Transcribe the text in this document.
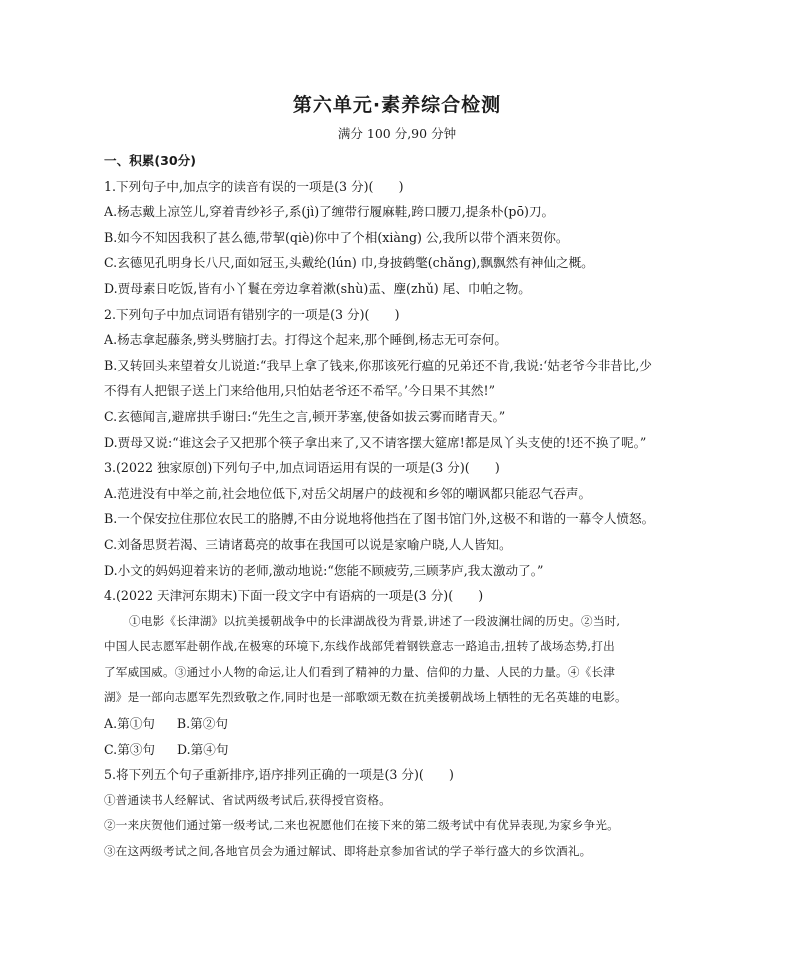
第六单元·素养综合检测
满分 100 分,90 分钟
一、积累(30分)
1.下列句子中,加点字的读音有误的一项是(3 分)(　　)
A.杨志戴上凉笠儿,穿着青纱衫子,系(jì)了缠带行履麻鞋,跨口腰刀,提条朴(pō)刀。
B.如今不知因我积了甚么德,带挈(qiè)你中了个相(xiàng) 公,我所以带个酒来贺你。
C.玄德见孔明身长八尺,面如冠玉,头戴纶(lún) 巾,身披鹤氅(chǎng),飘飘然有神仙之概。
D.贾母素日吃饭,皆有小丫鬟在旁边拿着漱(shù)盂、麈(zhǔ) 尾、巾帕之物。
2.下列句子中加点词语有错别字的一项是(3 分)(　　)
A.杨志拿起藤条,劈头劈脑打去。打得这个起来,那个睡倒,杨志无可奈何。
B.又转回头来望着女儿说道:“我早上拿了钱来,你那该死行瘟的兄弟还不肯,我说:‘姑老爷今非昔比,少
不得有人把银子送上门来给他用,只怕姑老爷还不希罕。’今日果不其然!”
C.玄德闻言,避席拱手谢曰:“先生之言,顿开茅塞,使备如拔云雾而睹青天。”
D.贾母又说:“谁这会子又把那个筷子拿出来了,又不请客摆大筵席!都是凤丫头支使的!还不换了呢。”
3.(2022 独家原创)下列句子中,加点词语运用有误的一项是(3 分)(　　)
A.范进没有中举之前,社会地位低下,对岳父胡屠户的歧视和乡邻的嘲讽都只能忍气吞声。
B.一个保安拉住那位农民工的胳膊,不由分说地将他挡在了图书馆门外,这极不和谐的一幕令人愤怒。
C.刘备思贤若渴、三请诸葛亮的故事在我国可以说是家喻户晓,人人皆知。
D.小文的妈妈迎着来访的老师,激动地说:“您能不顾疲劳,三顾茅庐,我太激动了。”
4.(2022 天津河东期末)下面一段文字中有语病的一项是(3 分)(　　)
①电影《长津湖》以抗美援朝战争中的长津湖战役为背景,讲述了一段波澜壮阔的历史。②当时,
中国人民志愿军赴朝作战,在极寒的环境下,东线作战部凭着钢铁意志一路追击,扭转了战场态势,打出
了军威国威。③通过小人物的命运,让人们看到了精神的力量、信仰的力量、人民的力量。④《长津
湖》是一部向志愿军先烈致敬之作,同时也是一部歌颂无数在抗美援朝战场上牺牲的无名英雄的电影。
A.第①句 B.第②句
C.第③句 D.第④句
5.将下列五个句子重新排序,语序排列正确的一项是(3 分)(　　)
①普通读书人经解试、省试两级考试后,获得授官资格。
②一来庆贺他们通过第一级考试,二来也祝愿他们在接下来的第二级考试中有优异表现,为家乡争光。
③在这两级考试之间,各地官员会为通过解试、即将赴京参加省试的学子举行盛大的乡饮酒礼。
